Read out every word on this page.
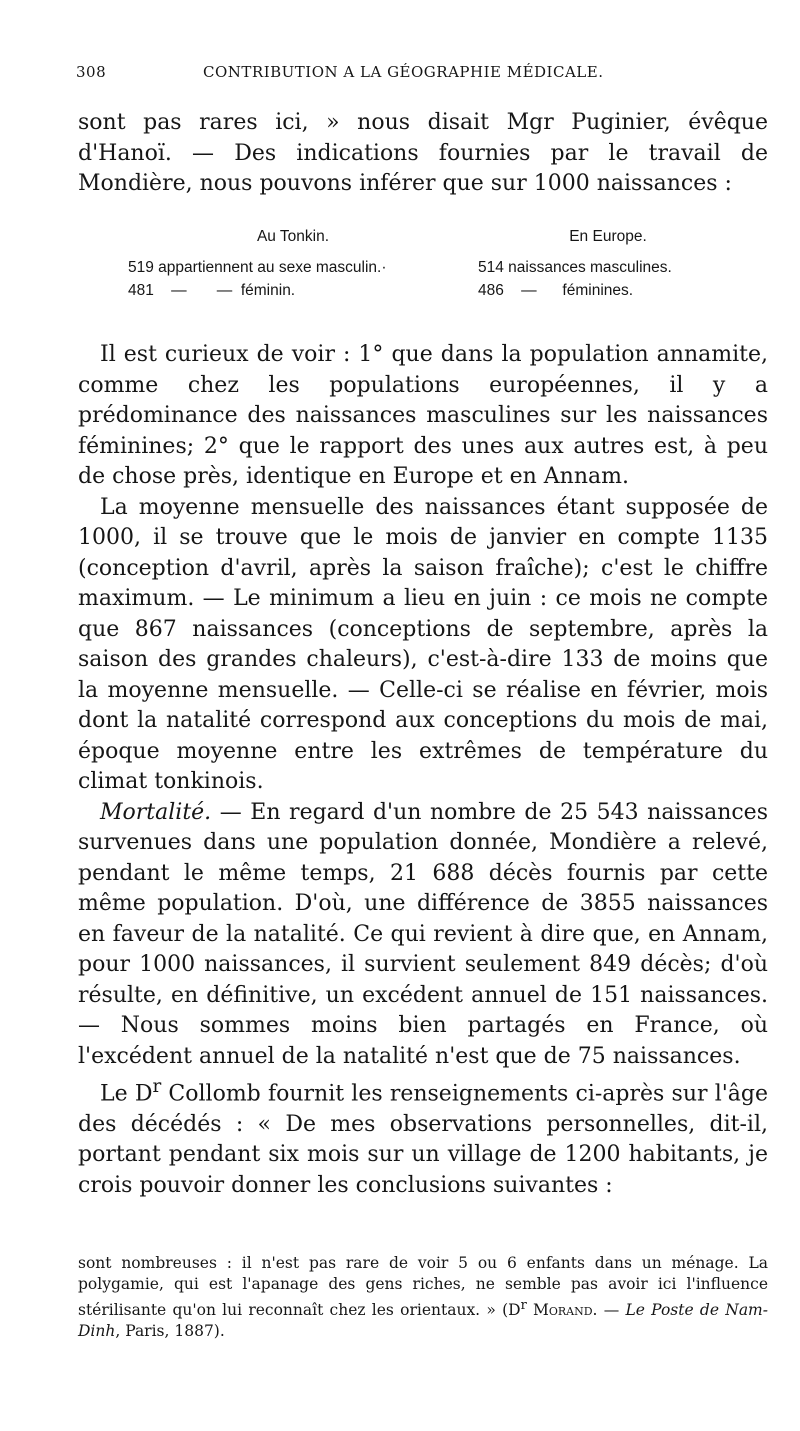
308	CONTRIBUTION A LA GÉOGRAPHIE MÉDICALE.

sont pas rares ici, » nous disait Mgr Puginier, évêque d'Hanoï. — Des indications fournies par le travail de Mondière, nous pouvons inférer que sur 1000 naissances :

Au Tonkin.
519 appartiennent au sexe masculin.·
481    —       —  féminin.
En Europe.
514 naissances masculines.
486    —      féminines.

Il est curieux de voir : 1° que dans la population annamite, comme chez les populations européennes, il y a prédominance des naissances masculines sur les naissances féminines; 2° que le rapport des unes aux autres est, à peu de chose près, identique en Europe et en Annam.

La moyenne mensuelle des naissances étant supposée de 1000, il se trouve que le mois de janvier en compte 1135 (conception d'avril, après la saison fraîche); c'est le chiffre maximum. — Le minimum a lieu en juin : ce mois ne compte que 867 naissances (conceptions de septembre, après la saison des grandes chaleurs), c'est-à-dire 133 de moins que la moyenne mensuelle. — Celle-ci se réalise en février, mois dont la natalité correspond aux conceptions du mois de mai, époque moyenne entre les extrêmes de température du climat tonkinois.

Mortalité. — En regard d'un nombre de 25 543 naissances survenues dans une population donnée, Mondière a relevé, pendant le même temps, 21 688 décès fournis par cette même population. D'où, une différence de 3855 naissances en faveur de la natalité. Ce qui revient à dire que, en Annam, pour 1000 naissances, il survient seulement 849 décès; d'où résulte, en définitive, un excédent annuel de 151 naissances. — Nous sommes moins bien partagés en France, où l'excédent annuel de la natalité n'est que de 75 naissances.

Le $D^r$ Collomb fournit les renseignements ci-après sur l'âge des décédés : « De mes observations personnelles, dit-il, portant pendant six mois sur un village de 1200 habitants, je crois pouvoir donner les conclusions suivantes :

sont nombreuses : il n'est pas rare de voir 5 ou 6 enfants dans un ménage. La polygamie, qui est l'apanage des gens riches, ne semble pas avoir ici l'influence stérilisante qu'on lui reconnaît chez les orientaux. » ($D^r$ Morand. — Le Poste de Nam-Dinh, Paris, 1887).
